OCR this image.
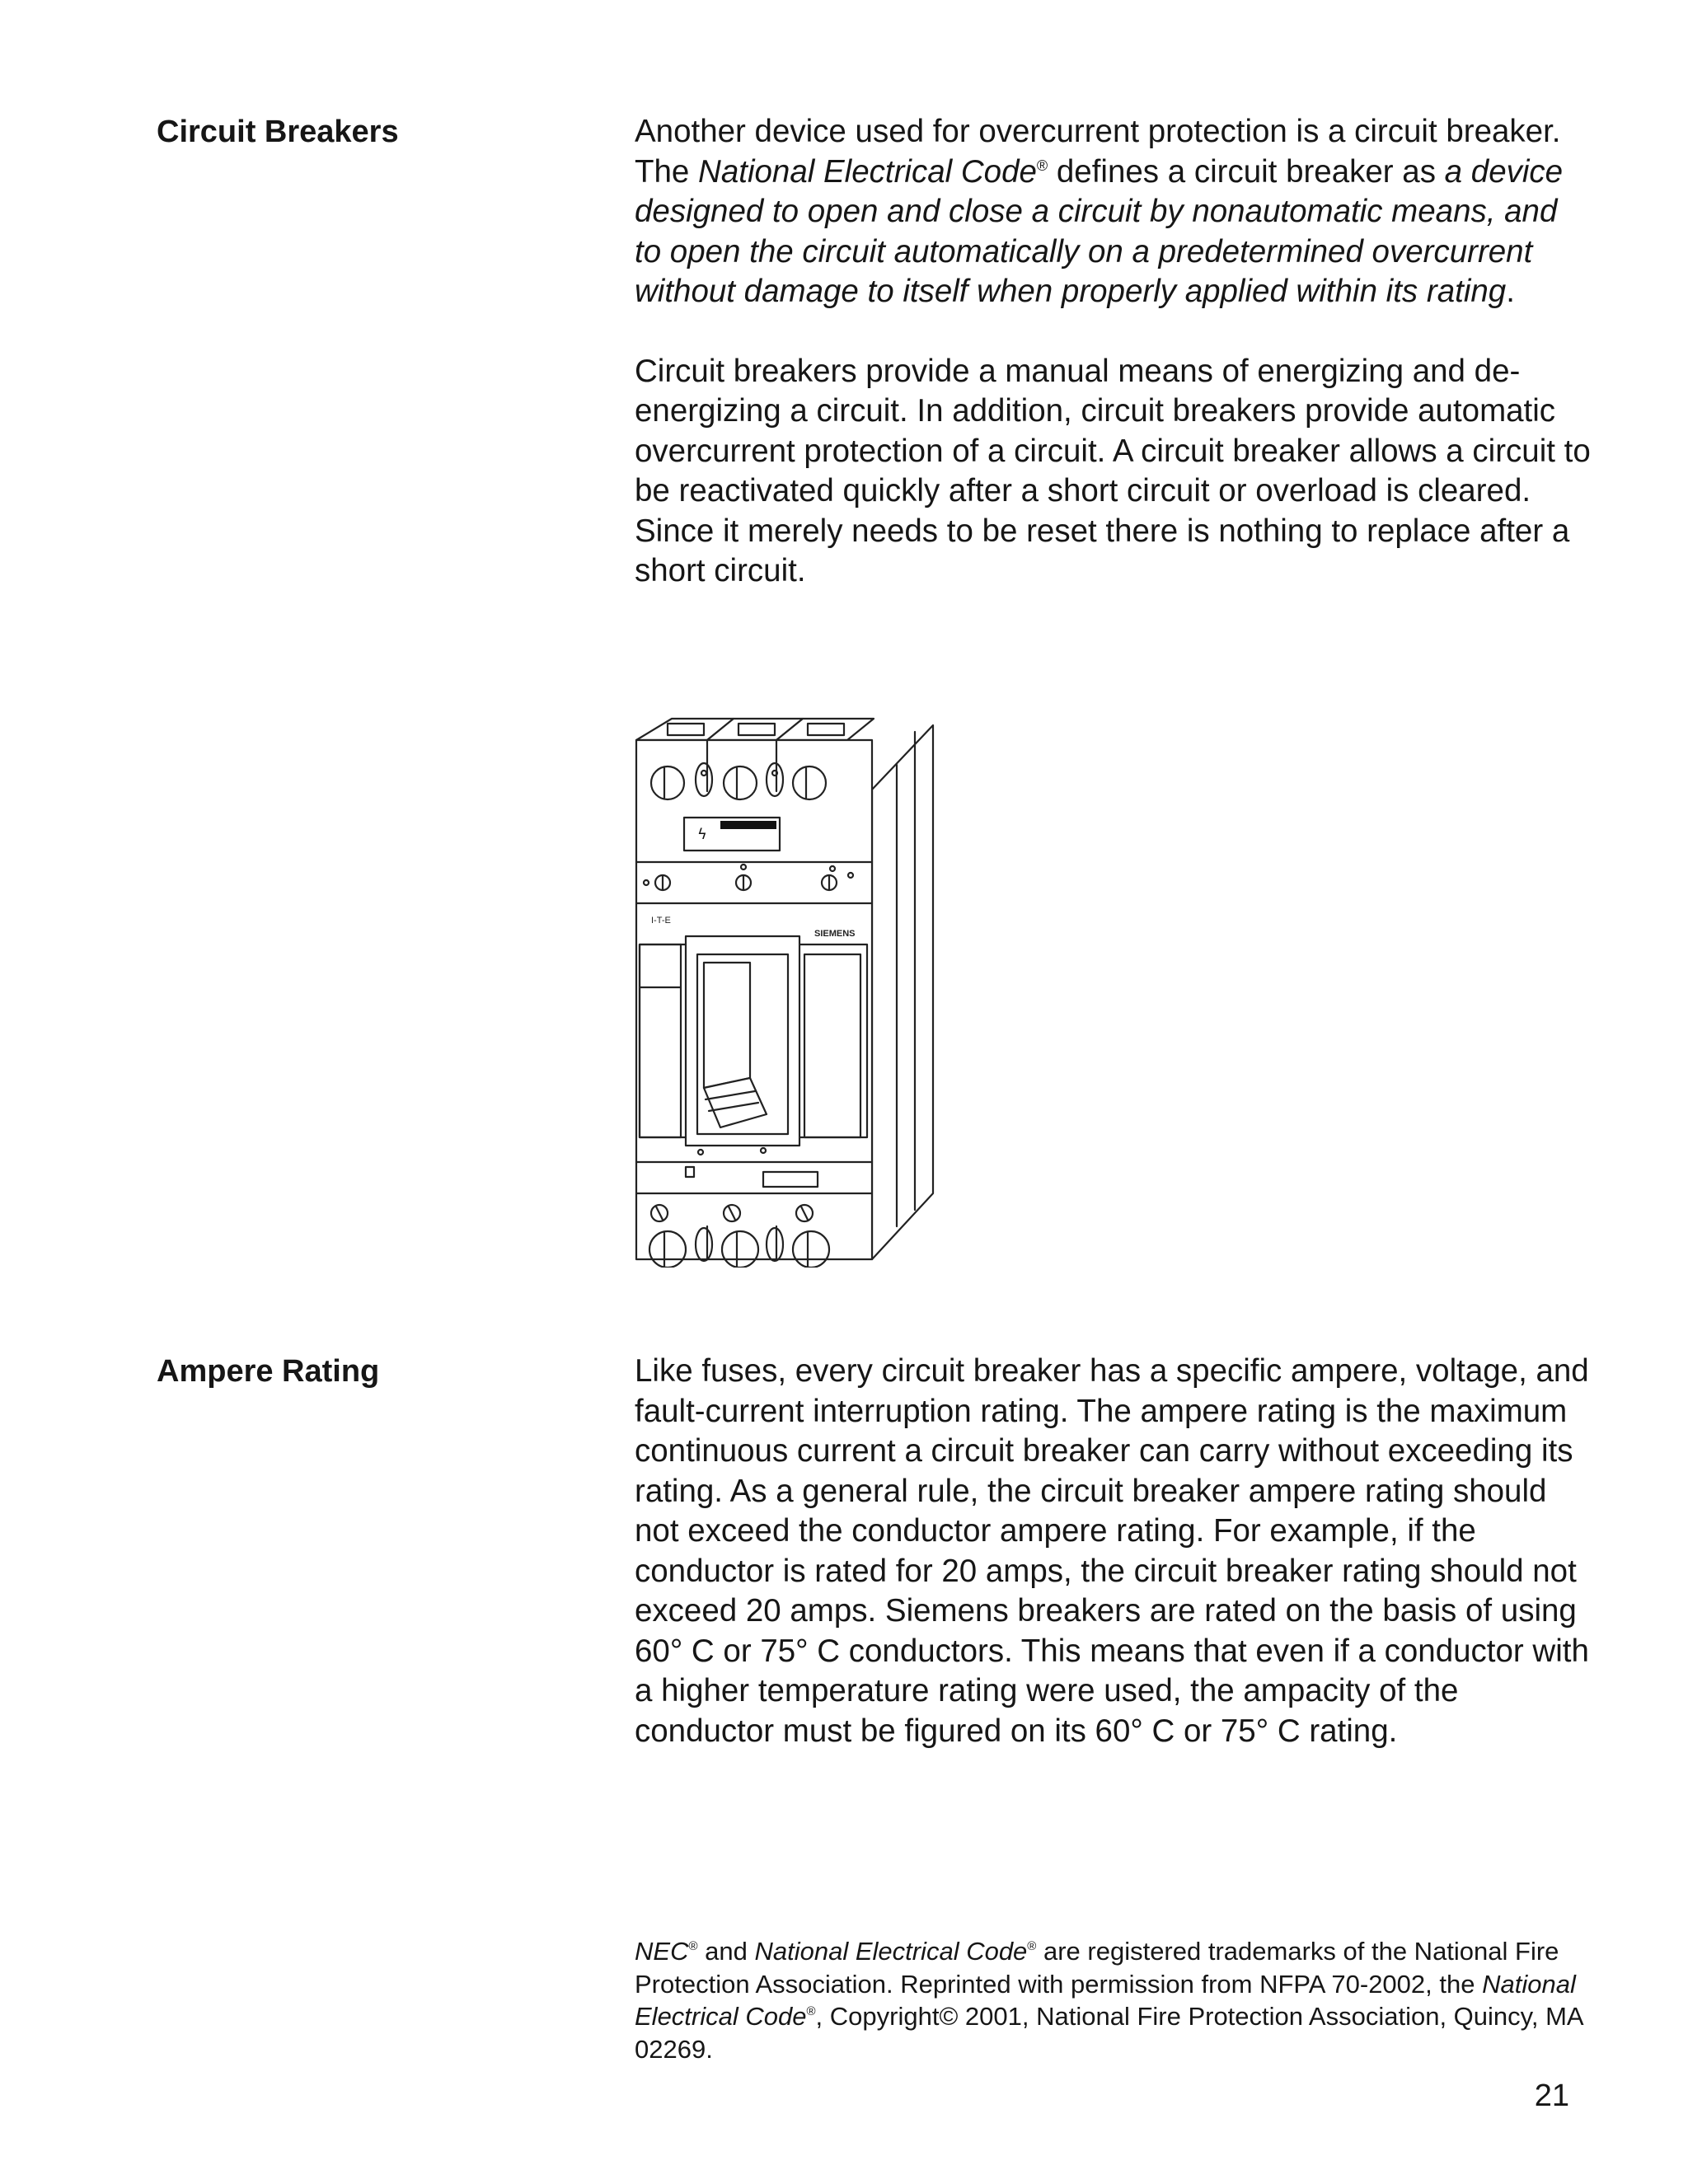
Circuit Breakers	Another device used for overcurrent protection is a circuit breaker. The National Electrical Code® defines a circuit breaker as a device designed to open and close a circuit by nonautomatic means, and to open the circuit automatically on a predetermined overcurrent without damage to itself when properly applied within its rating.

Circuit breakers provide a manual means of energizing and de-energizing a circuit. In addition, circuit breakers provide automatic overcurrent protection of a circuit. A circuit breaker allows a circuit to be reactivated quickly after a short circuit or overload is cleared. Since it merely needs to be reset there is nothing to replace after a short circuit.

ϟ
I-T-E
SIEMENS
Ampere Rating	Like fuses, every circuit breaker has a specific ampere, voltage, and fault-current interruption rating. The ampere rating is the maximum continuous current a circuit breaker can carry without exceeding its rating. As a general rule, the circuit breaker ampere rating should not exceed the conductor ampere rating. For example, if the conductor is rated for 20 amps, the circuit breaker rating should not exceed 20 amps. Siemens breakers are rated on the basis of using 60° C or 75° C conductors. This means that even if a conductor with a higher temperature rating were used, the ampacity of the conductor must be figured on its 60° C or 75° C rating.

NEC® and National Electrical Code® are registered trademarks of the National Fire Protection Association. Reprinted with permission from NFPA 70-2002, the National Electrical Code®, Copyright© 2001, National Fire Protection Association, Quincy, MA 02269.

21
